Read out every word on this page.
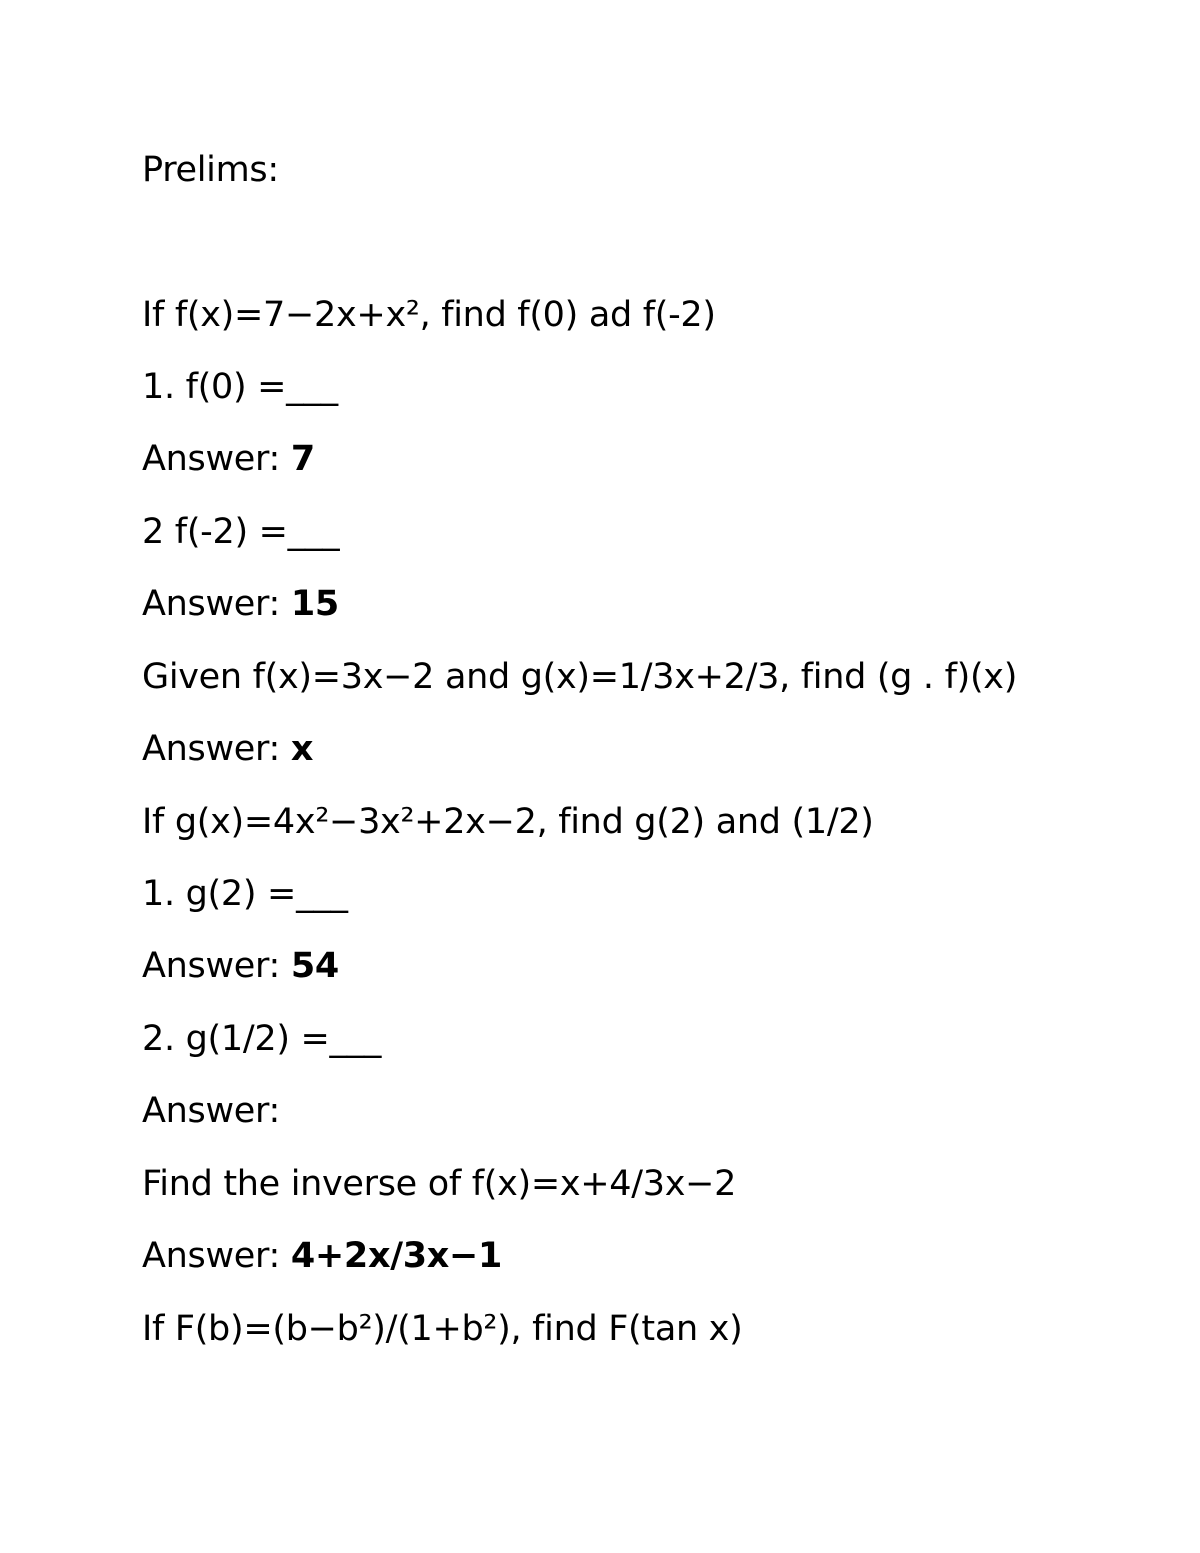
Prelims:

If f(x)=7−2x+x², find f(0) ad f(-2)

1. f(0) =___

Answer: 7

2 f(-2) =___

Answer: 15

Given f(x)=3x−2 and g(x)=1/3x+2/3, find (g . f)(x)

Answer: x

If g(x)=4x²−3x²+2x−2, find g(2) and (1/2)

1. g(2) =___

Answer: 54

2. g(1/2) =___

Answer:

Find the inverse of f(x)=x+4/3x−2

Answer: 4+2x/3x−1

If F(b)=(b−b²)/(1+b²), find F(tan x)
